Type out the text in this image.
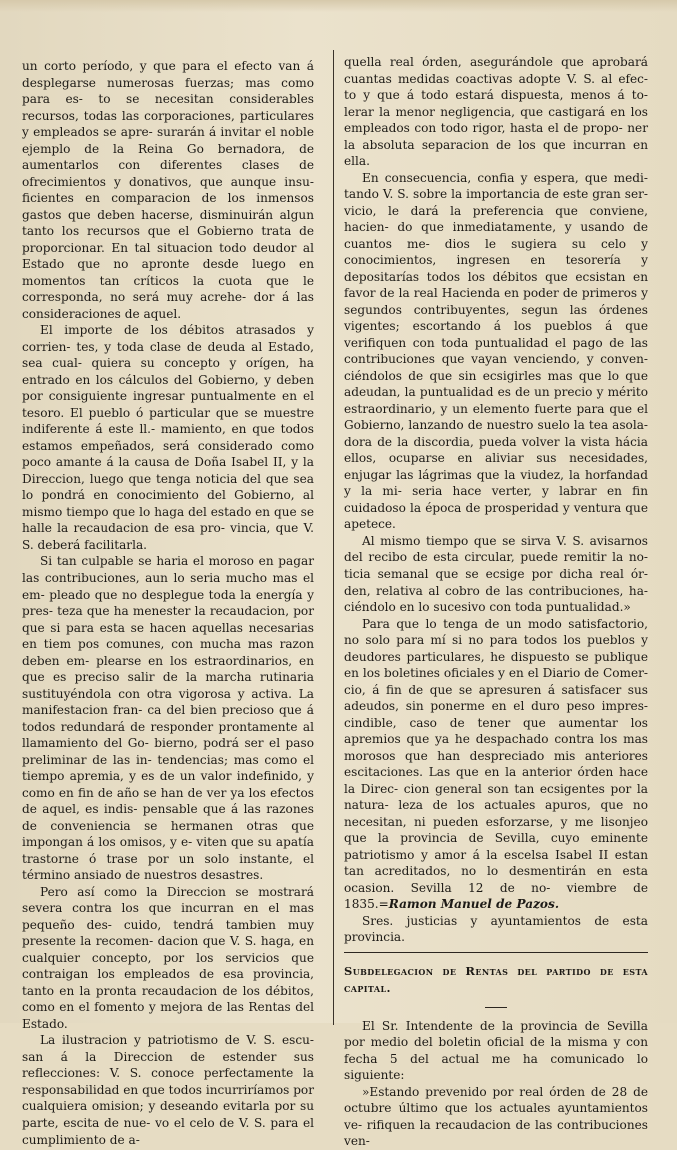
un corto período, y que para el efecto van á desplegarse numerosas fuerzas; mas como para es- to se necesitan considerables recursos, todas las corporaciones, particulares y empleados se apre- surarán á invitar el noble ejemplo de la Reina Go bernadora, de aumentarlos con diferentes clases de ofrecimientos y donativos, que aunque insu- ficientes en comparacion de los inmensos gastos que deben hacerse, disminuirán algun tanto los recursos que el Gobierno trata de proporcionar. En tal situacion todo deudor al Estado que no apronte desde luego en momentos tan críticos la cuota que le corresponda, no será muy acrehe- dor á las consideraciones de aquel.

El importe de los débitos atrasados y corrien- tes, y toda clase de deuda al Estado, sea cual- quiera su concepto y orígen, ha entrado en los cálculos del Gobierno, y deben por consiguiente ingresar puntualmente en el tesoro. El pueblo ó particular que se muestre indiferente á este ll.- mamiento, en que todos estamos empeñados, será considerado como poco amante á la causa de Doña Isabel II, y la Direccion, luego que tenga noticia del que sea lo pondrá en conocimiento del Gobierno, al mismo tiempo que lo haga del estado en que se halle la recaudacion de esa pro- vincia, que V. S. deberá facilitarla.

Si tan culpable se haria el moroso en pagar las contribuciones, aun lo seria mucho mas el em- pleado que no desplegue toda la energía y pres- teza que ha menester la recaudacion, por que si para esta se hacen aquellas necesarias en tiem pos comunes, con mucha mas razon deben em- plearse en los estraordinarios, en que es preciso salir de la marcha rutinaria sustituyéndola con otra vigorosa y activa. La manifestacion fran- ca del bien precioso que á todos redundará de responder prontamente al llamamiento del Go- bierno, podrá ser el paso preliminar de las in- tendencias; mas como el tiempo apremia, y es de un valor indefinido, y como en fin de año se han de ver ya los efectos de aquel, es indis- pensable que á las razones de conveniencia se hermanen otras que impongan á los omisos, y e- viten que su apatía trastorne ó trase por un solo instante, el término ansiado de nuestros desastres.

Pero así como la Direccion se mostrará severa contra los que incurran en el mas pequeño des- cuido, tendrá tambien muy presente la recomen- dacion que V. S. haga, en cualquier concepto, por los servicios que contraigan los empleados de esa provincia, tanto en la pronta recaudacion de los débitos, como en el fomento y mejora de las Rentas del Estado.

La ilustracion y patriotismo de V. S. escu- san á la Direccion de estender sus reflecciones: V. S. conoce perfectamente la responsabilidad en que todos incurriríamos por cualquiera omision; y deseando evitarla por su parte, escita de nue- vo el celo de V. S. para el cumplimiento de a-

quella real órden, asegurándole que aprobará cuantas medidas coactivas adopte V. S. al efec- to y que á todo estará dispuesta, menos á to- lerar la menor negligencia, que castigará en los empleados con todo rigor, hasta el de propo- ner la absoluta separacion de los que incurran en ella.

En consecuencia, confia y espera, que medi- tando V. S. sobre la importancia de este gran ser- vicio, le dará la preferencia que conviene, hacien- do que inmediatamente, y usando de cuantos me- dios le sugiera su celo y conocimientos, ingresen en tesorería y depositarías todos los débitos que ecsistan en favor de la real Hacienda en poder de primeros y segundos contribuyentes, segun las órdenes vigentes; escortando á los pueblos á que verifiquen con toda puntualidad el pago de las contribuciones que vayan venciendo, y conven- ciéndolos de que sin ecsigirles mas que lo que adeudan, la puntualidad es de un precio y mérito estraordinario, y un elemento fuerte para que el Gobierno, lanzando de nuestro suelo la tea asola- dora de la discordia, pueda volver la vista hácia ellos, ocuparse en aliviar sus necesidades, enjugar las lágrimas que la viudez, la horfandad y la mi- seria hace verter, y labrar en fin cuidadoso la época de prosperidad y ventura que apetece.

Al mismo tiempo que se sirva V. S. avisarnos del recibo de esta circular, puede remitir la no- ticia semanal que se ecsige por dicha real ór- den, relativa al cobro de las contribuciones, ha- ciéndolo en lo sucesivo con toda puntualidad.»

Para que lo tenga de un modo satisfactorio, no solo para mí si no para todos los pueblos y deudores particulares, he dispuesto se publique en los boletines oficiales y en el Diario de Comer- cio, á fin de que se apresuren á satisfacer sus adeudos, sin ponerme en el duro peso impres- cindible, caso de tener que aumentar los apremios que ya he despachado contra los mas morosos que han despreciado mis anteriores escitaciones. Las que en la anterior órden hace la Direc- cion general son tan ecsigentes por la natura- leza de los actuales apuros, que no necesitan, ni pueden esforzarse, y me lisonjeo que la provincia de Sevilla, cuyo eminente patriotismo y amor á la escelsa Isabel II estan tan acreditados, no lo desmentirán en esta ocasion. Sevilla 12 de no- viembre de 1835.=Ramon Manuel de Pazos.

Sres. justicias y ayuntamientos de esta provincia.

Subdelegacion de Rentas del partido de esta capital.

El Sr. Intendente de la provincia de Sevilla por medio del boletin oficial de la misma y con fecha 5 del actual me ha comunicado lo siguiente:

»Estando prevenido por real órden de 28 de octubre último que los actuales ayuntamientos ve- rifiquen la recaudacion de las contribuciones ven-
